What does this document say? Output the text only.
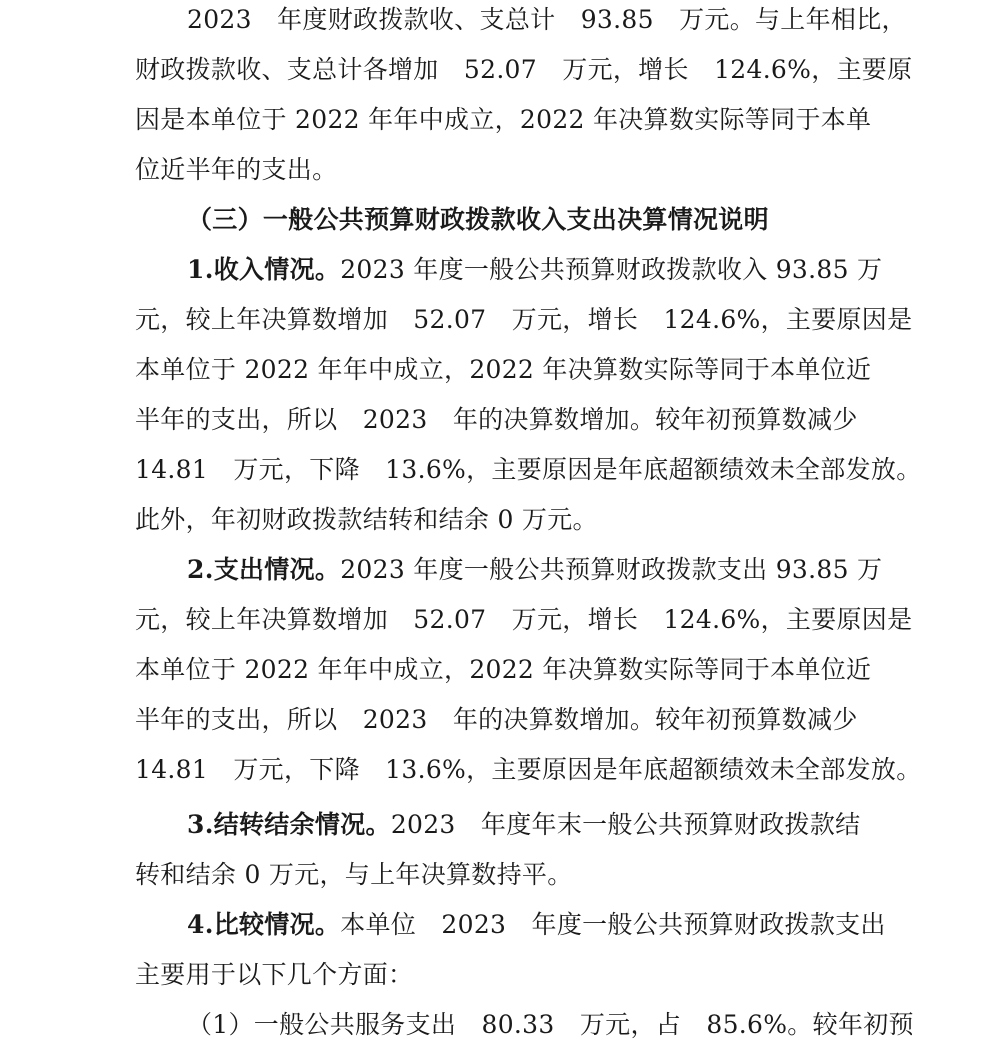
2023　年度财政拨款收、支总计　93.85　万元。与上年相比，
财政拨款收、支总计各增加　52.07　万元，增长　124.6%，主要原
因是本单位于 2022 年年中成立，2022 年决算数实际等同于本单
位近半年的支出。
（三）一般公共预算财政拨款收入支出决算情况说明
1.收入情况。2023 年度一般公共预算财政拨款收入 93.85 万
元，较上年决算数增加　52.07　万元，增长　124.6%，主要原因是
本单位于 2022 年年中成立，2022 年决算数实际等同于本单位近
半年的支出，所以　2023　年的决算数增加。较年初预算数减少
14.81　万元，下降　13.6%，主要原因是年底超额绩效未全部发放。
此外，年初财政拨款结转和结余 0 万元。
2.支出情况。2023 年度一般公共预算财政拨款支出 93.85 万
元，较上年决算数增加　52.07　万元，增长　124.6%，主要原因是
本单位于 2022 年年中成立，2022 年决算数实际等同于本单位近
半年的支出，所以　2023　年的决算数增加。较年初预算数减少
14.81　万元，下降　13.6%，主要原因是年底超额绩效未全部发放。
3.结转结余情况。2023　年度年末一般公共预算财政拨款结
转和结余 0 万元，与上年决算数持平。
4.比较情况。本单位　2023　年度一般公共预算财政拨款支出
主要用于以下几个方面：
（1）一般公共服务支出　80.33　万元，占　85.6%。较年初预
